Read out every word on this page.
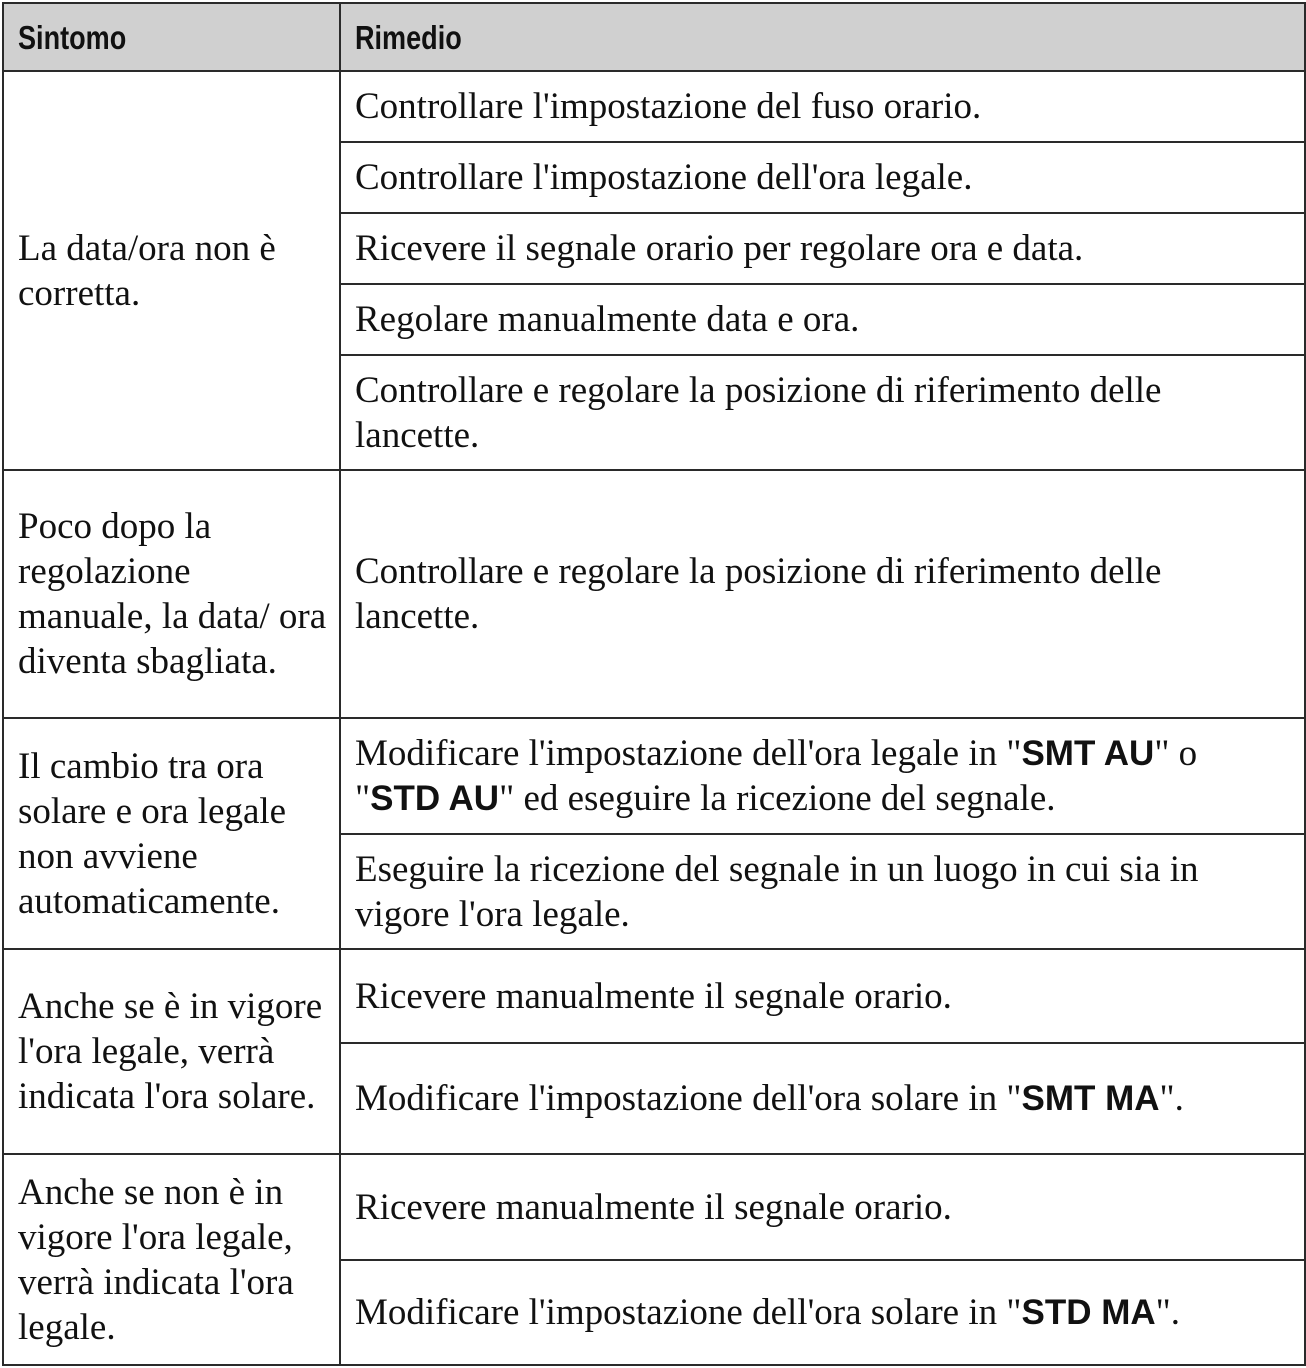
Sintomo	Rimedio
La data/ora non è corretta.	Controllare l'impostazione del fuso orario.
	Controllare l'impostazione dell'ora legale.
	Ricevere il segnale orario per regolare ora e data.
	Regolare manualmente data e ora.
	Controllare e regolare la posizione di riferimento delle lancette.
Poco dopo la regolazione manuale, la data/ ora diventa sbagliata.	Controllare e regolare la posizione di riferimento delle lancette.
Il cambio tra ora solare e ora legale non avviene automaticamente.	Modificare l'impostazione dell'ora legale in "SMT AU" o "STD AU" ed eseguire la ricezione del segnale.
	Eseguire la ricezione del segnale in un luogo in cui sia in vigore l'ora legale.
Anche se è in vigore l'ora legale, verrà indicata l'ora solare.	Ricevere manualmente il segnale orario.
	Modificare l'impostazione dell'ora solare in "SMT MA".
Anche se non è in vigore l'ora legale, verrà indicata l'ora legale.	Ricevere manualmente il segnale orario.
	Modificare l'impostazione dell'ora solare in "STD MA".
